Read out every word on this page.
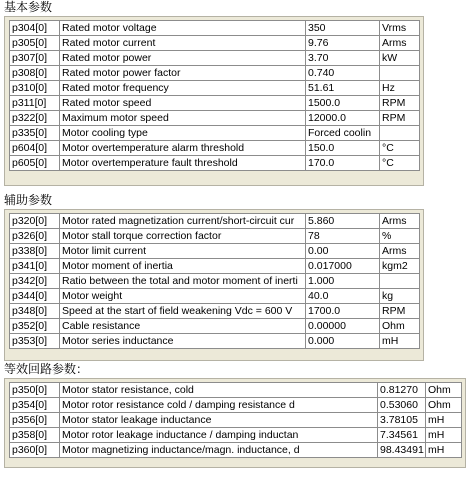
基本参数
p304[0]	Rated motor voltage	350	Vrms
p305[0]	Rated motor current	9.76	Arms
p307[0]	Rated motor power	3.70	kW
p308[0]	Rated motor power factor	0.740	
p310[0]	Rated motor frequency	51.61	Hz
p311[0]	Rated motor speed	1500.0	RPM
p322[0]	Maximum motor speed	12000.0	RPM
p335[0]	Motor cooling type	Forced coolin	
p604[0]	Motor overtemperature alarm threshold	150.0	°C
p605[0]	Motor overtemperature fault threshold	170.0	°C
辅助参数
p320[0]	Motor rated magnetization current/short-circuit cur	5.860	Arms
p326[0]	Motor stall torque correction factor	78	%
p338[0]	Motor limit current	0.00	Arms
p341[0]	Motor moment of inertia	0.017000	kgm2
p342[0]	Ratio between the total and motor moment of inerti	1.000	
p344[0]	Motor weight	40.0	kg
p348[0]	Speed at the start of field weakening Vdc = 600 V	1700.0	RPM
p352[0]	Cable resistance	0.00000	Ohm
p353[0]	Motor series inductance	0.000	mH
等效回路参数：
p350[0]	Motor stator resistance, cold	0.81270	Ohm
p354[0]	Motor rotor resistance cold / damping resistance d	0.53060	Ohm
p356[0]	Motor stator leakage inductance	3.78105	mH
p358[0]	Motor rotor leakage inductance / damping inductan	7.34561	mH
p360[0]	Motor magnetizing inductance/magn. inductance, d	98.43491	mH
